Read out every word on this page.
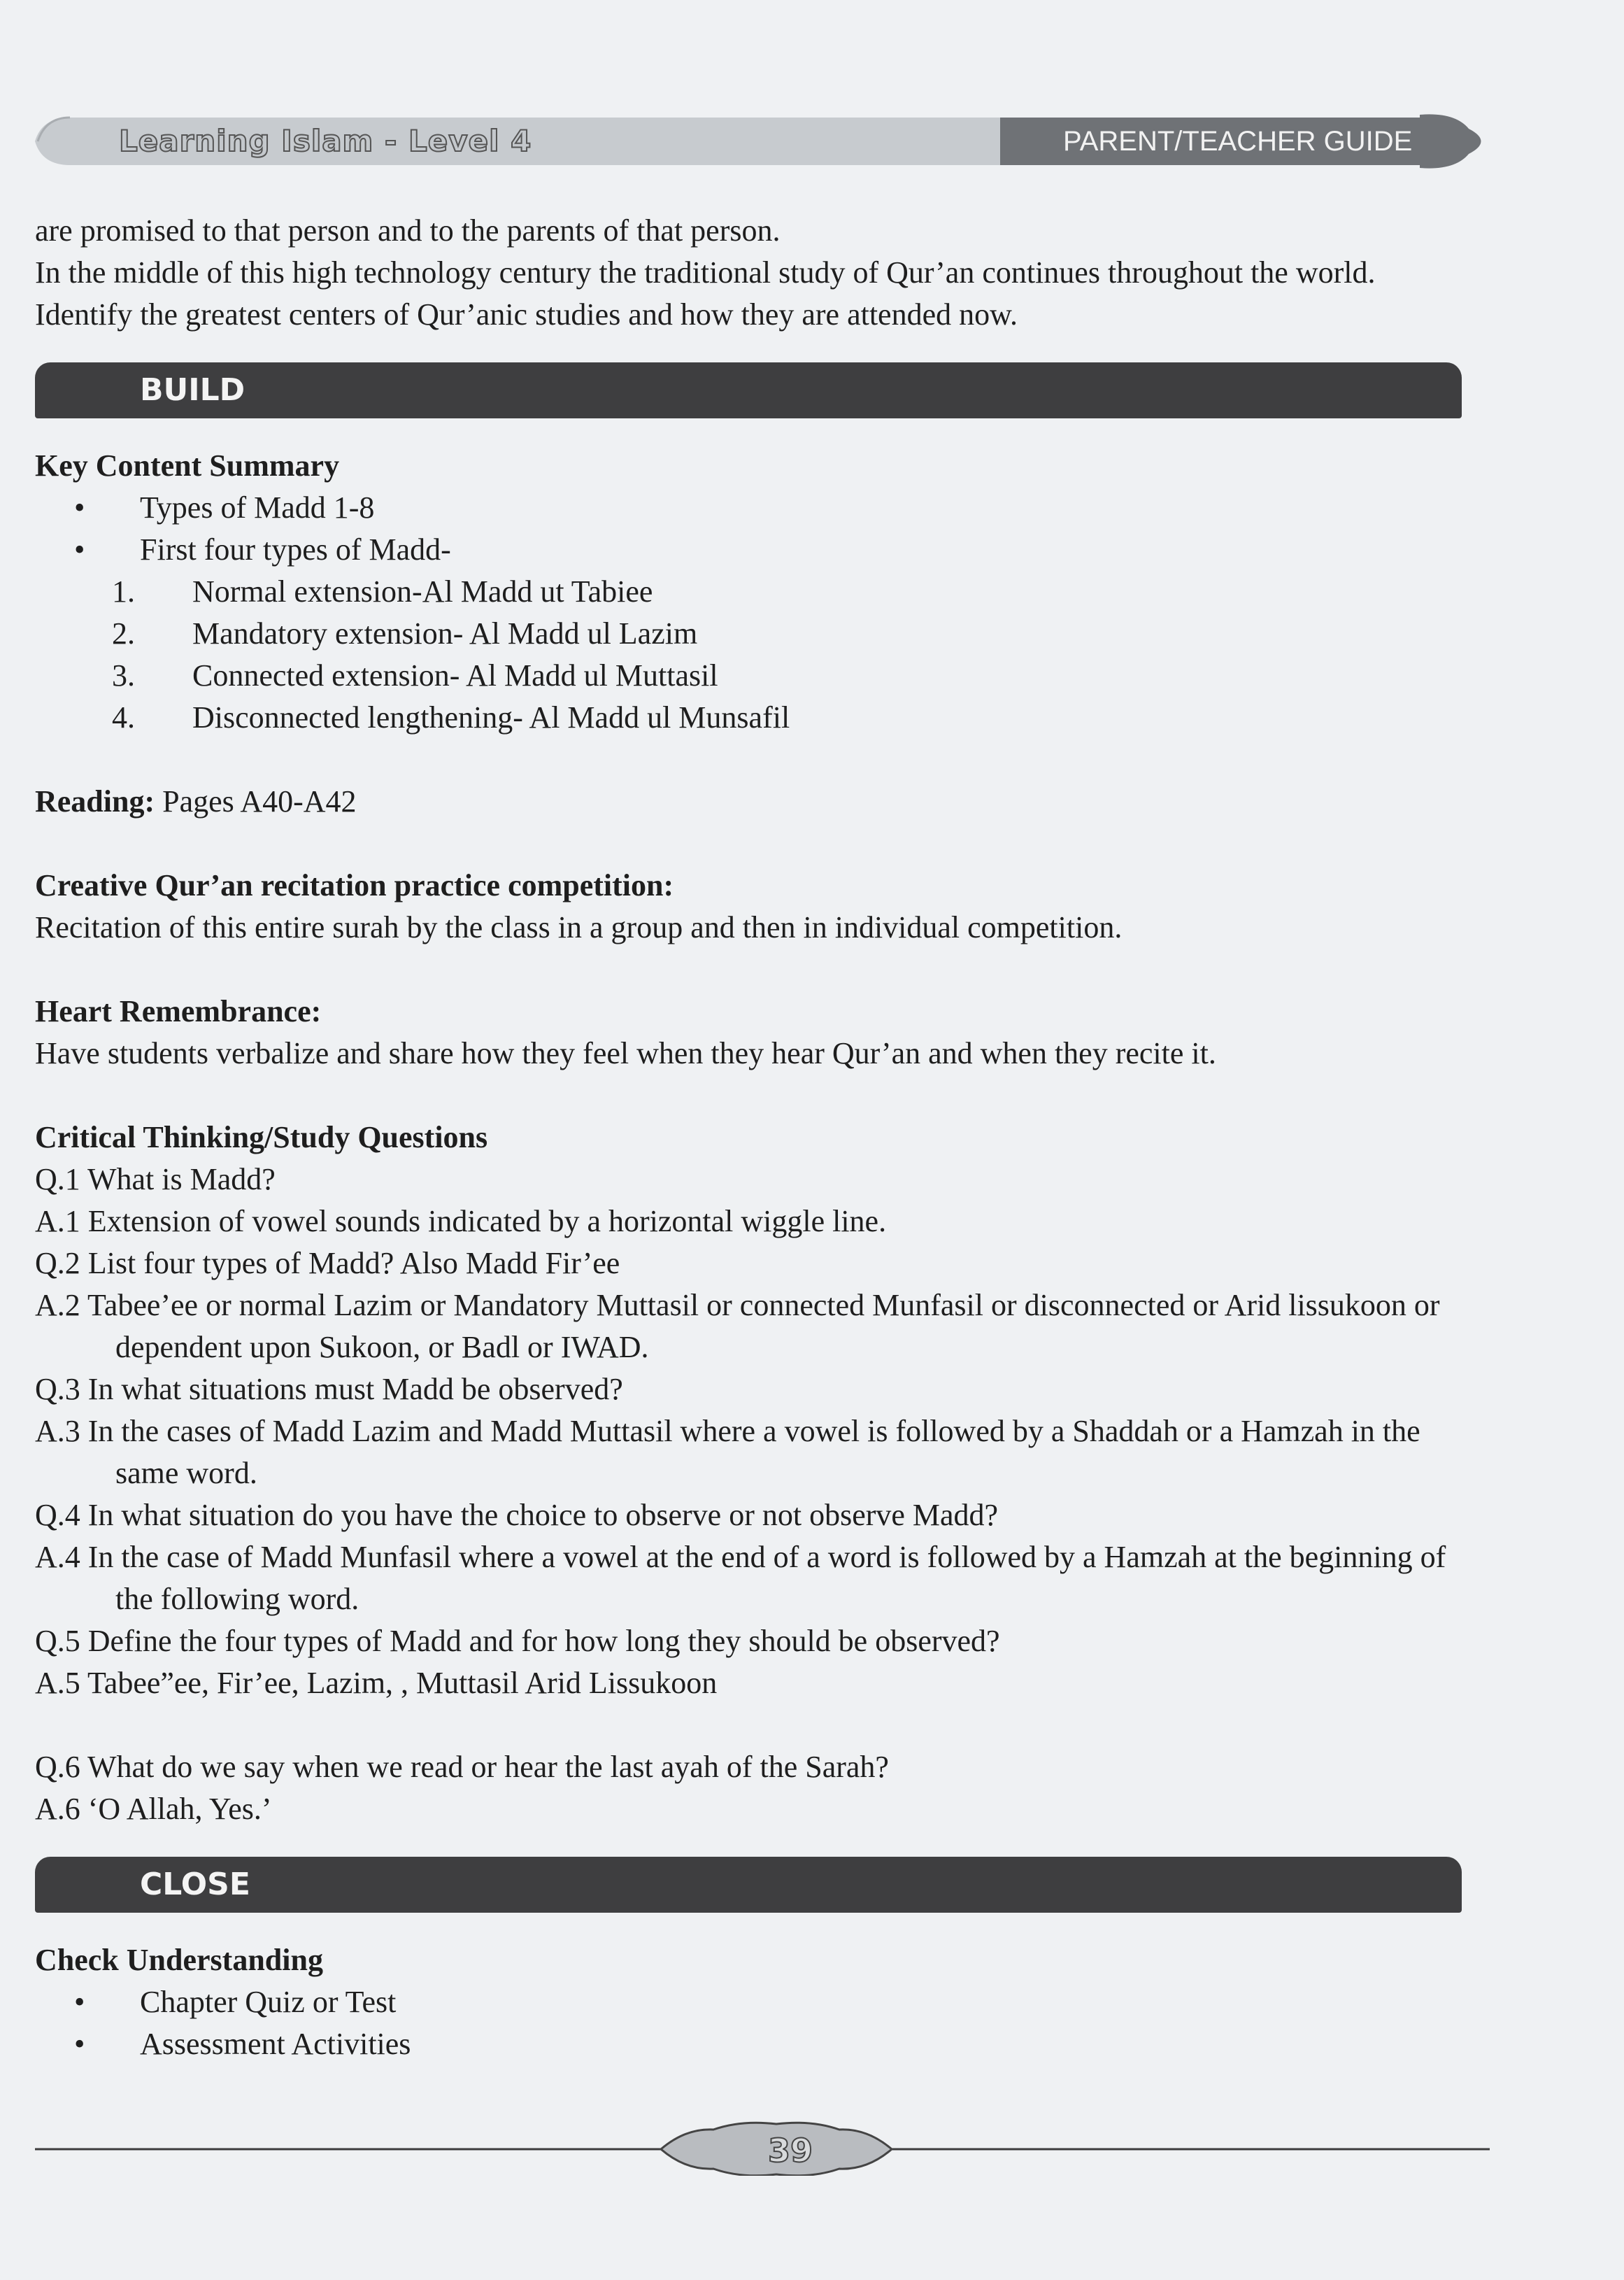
Learning Islam - Level 4	PARENT/TEACHER GUIDE

are promised to that person and to the parents of that person.

In the middle of this high technology century the traditional study of Qur’an continues throughout the world. Identify the greatest centers of Qur’anic studies and how they are attended now.

BUILD

Key Content Summary

• Types of Madd 1-8

• First four types of Madd-

1. Normal extension-Al Madd ut Tabiee

2. Mandatory extension- Al Madd ul Lazim

3. Connected extension- Al Madd ul Muttasil

4. Disconnected lengthening- Al Madd ul Munsafil

Reading: Pages A40-A42

Creative Qur’an recitation practice competition:

Recitation of this entire surah by the class in a group and then in individual competition.

Heart Remembrance:

Have students verbalize and share how they feel when they hear Qur’an and when they recite it.

Critical Thinking/Study Questions

Q.1 What is Madd?

A.1 Extension of vowel sounds indicated by a horizontal wiggle line.

Q.2 List four types of Madd? Also Madd Fir’ee

A.2 Tabee’ee or normal Lazim or Mandatory Muttasil or connected Munfasil or disconnected or Arid lissukoon or dependent upon Sukoon, or Badl or IWAD.

Q.3 In what situations must Madd be observed?

A.3 In the cases of Madd Lazim and Madd Muttasil where a vowel is followed by a Shaddah or a Hamzah in the same word.

Q.4 In what situation do you have the choice to observe or not observe Madd?

A.4 In the case of Madd Munfasil where a vowel at the end of a word is followed by a Hamzah at the beginning of the following word.

Q.5 Define the four types of Madd and for how long they should be observed?

A.5 Tabee”ee, Fir’ee, Lazim, , Muttasil Arid Lissukoon

Q.6 What do we say when we read or hear the last ayah of the Sarah?

A.6 ‘O Allah, Yes.’

CLOSE

Check Understanding

• Chapter Quiz or Test

• Assessment Activities

39
